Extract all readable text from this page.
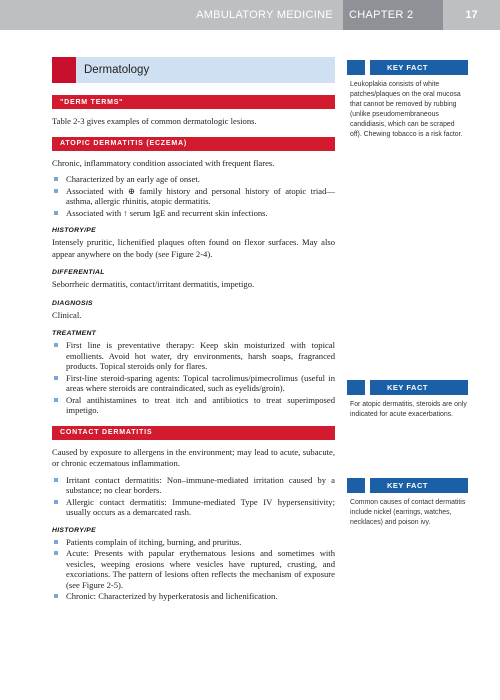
AMBULATORY MEDICINE	CHAPTER 2	17
Dermatology
"DERM TERMS"

Table 2-3 gives examples of common dermatologic lesions.

ATOPIC DERMATITIS (ECZEMA)

Chronic, inflammatory condition associated with frequent flares.

Characterized by an early age of onset.
Associated with ⊕ family history and personal history of atopic triad—asthma, allergic rhinitis, atopic dermatitis.
Associated with ↑ serum IgE and recurrent skin infections.
HISTORY/PE

Intensely pruritic, lichenified plaques often found on flexor surfaces. May also appear anywhere on the body (see Figure 2-4).

DIFFERENTIAL

Seborrheic dermatitis, contact/irritant dermatitis, impetigo.

DIAGNOSIS

Clinical.

TREATMENT
First line is preventative therapy: Keep skin moisturized with topical emollients. Avoid hot water, dry environments, harsh soaps, fragranced products. Topical steroids only for flares.
First-line steroid-sparing agents: Topical tacrolimus/pimecrolimus (useful in areas where steroids are contraindicated, such as eyelids/groin).
Oral antihistamines to treat itch and antibiotics to treat superimposed impetigo.
CONTACT DERMATITIS

Caused by exposure to allergens in the environment; may lead to acute, subacute, or chronic eczematous inflammation.

Irritant contact dermatitis: Non–immune-mediated irritation caused by a substance; no clear borders.
Allergic contact dermatitis: Immune-mediated Type IV hypersensitivity; usually occurs as a demarcated rash.
HISTORY/PE
Patients complain of itching, burning, and pruritus.
Acute: Presents with papular erythematous lesions and sometimes with vesicles, weeping erosions where vesicles have ruptured, crusting, and excoriations. The pattern of lesions often reflects the mechanism of exposure (see Figure 2-5).
Chronic: Characterized by hyperkeratosis and lichenification.
KEY FACT
Leukoplakia consists of white patches/plaques on the oral mucosa that cannot be removed by rubbing (unlike pseudomembraneous candidiasis, which can be scraped off). Chewing tobacco is a risk factor.
KEY FACT
For atopic dermatitis, steroids are only indicated for acute exacerbations.
KEY FACT
Common causes of contact dermatitis include nickel (earrings, watches, necklaces) and poison ivy.
